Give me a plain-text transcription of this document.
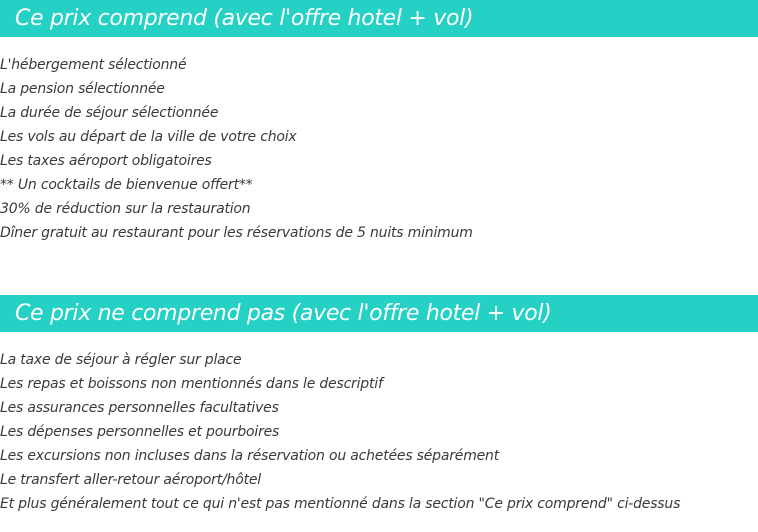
Ce prix comprend (avec l'offre hotel + vol)
L'hébergement sélectionné
La pension sélectionnée
La durée de séjour sélectionnée
Les vols au départ de la ville de votre choix
Les taxes aéroport obligatoires
** Un cocktails de bienvenue offert**
30% de réduction sur la restauration
Dîner gratuit au restaurant pour les réservations de 5 nuits minimum
Ce prix ne comprend pas (avec l'offre hotel + vol)
La taxe de séjour à régler sur place
Les repas et boissons non mentionnés dans le descriptif
Les assurances personnelles facultatives
Les dépenses personnelles et pourboires
Les excursions non incluses dans la réservation ou achetées séparément
Le transfert aller-retour aéroport/hôtel
Et plus généralement tout ce qui n'est pas mentionné dans la section "Ce prix comprend" ci-dessus
